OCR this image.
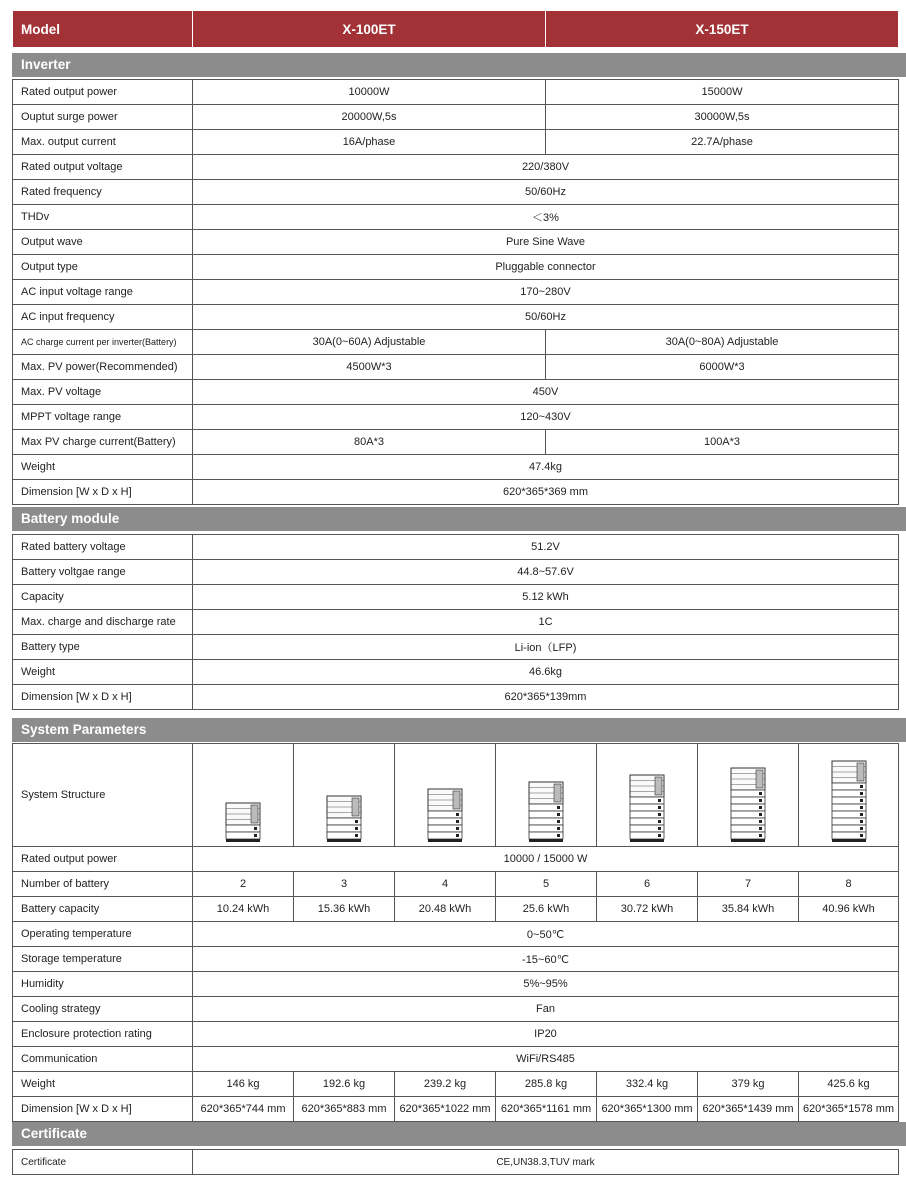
Model	X-100ET	X-150ET
Inverter
Rated output power	10000W	15000W
Ouptut surge power	20000W,5s	30000W,5s
Max. output current	16A/phase	22.7A/phase
Rated output voltage	220/380V	
Rated frequency	50/60Hz	
THDv	＜3%	
Output wave	Pure Sine Wave	
Output type	Pluggable connector	
AC input voltage range	170~280V	
AC input frequency	50/60Hz	
AC charge current per inverter(Battery)	30A(0~60A) Adjustable	30A(0~80A) Adjustable
Max. PV power(Recommended)	4500W*3	6000W*3
Max. PV voltage	450V	
MPPT voltage range	120~430V	
Max PV charge current(Battery)	80A*3	100A*3
Weight	47.4kg	
Dimension [W x D x H]	620*365*369 mm	
Battery module
Rated battery voltage	51.2V
Battery voltgae range	44.8~57.6V
Capacity	5.12 kWh
Max. charge and discharge rate	1C
Battery type	Li-ion（LFP)
Weight	46.6kg
Dimension [W x D x H]	620*365*139mm
System Parameters
System Structure	

Rated output power	10000 / 15000 W						
Number of battery	2	3	4	5	6	7	8
Battery capacity	10.24 kWh	15.36 kWh	20.48 kWh	25.6 kWh	30.72 kWh	35.84 kWh	40.96 kWh
Operating temperature	0~50℃						
Storage temperature	-15~60℃						
Humidity	5%~95%						
Cooling strategy	Fan						
Enclosure protection rating	IP20						
Communication	WiFi/RS485						
Weight	146 kg	192.6 kg	239.2 kg	285.8 kg	332.4 kg	379 kg	425.6 kg
Dimension [W x D x H]	620*365*744 mm	620*365*883 mm	620*365*1022 mm	620*365*1161 mm	620*365*1300 mm	620*365*1439 mm	620*365*1578 mm
Certificate
Certificate	CE,UN38.3,TUV mark
